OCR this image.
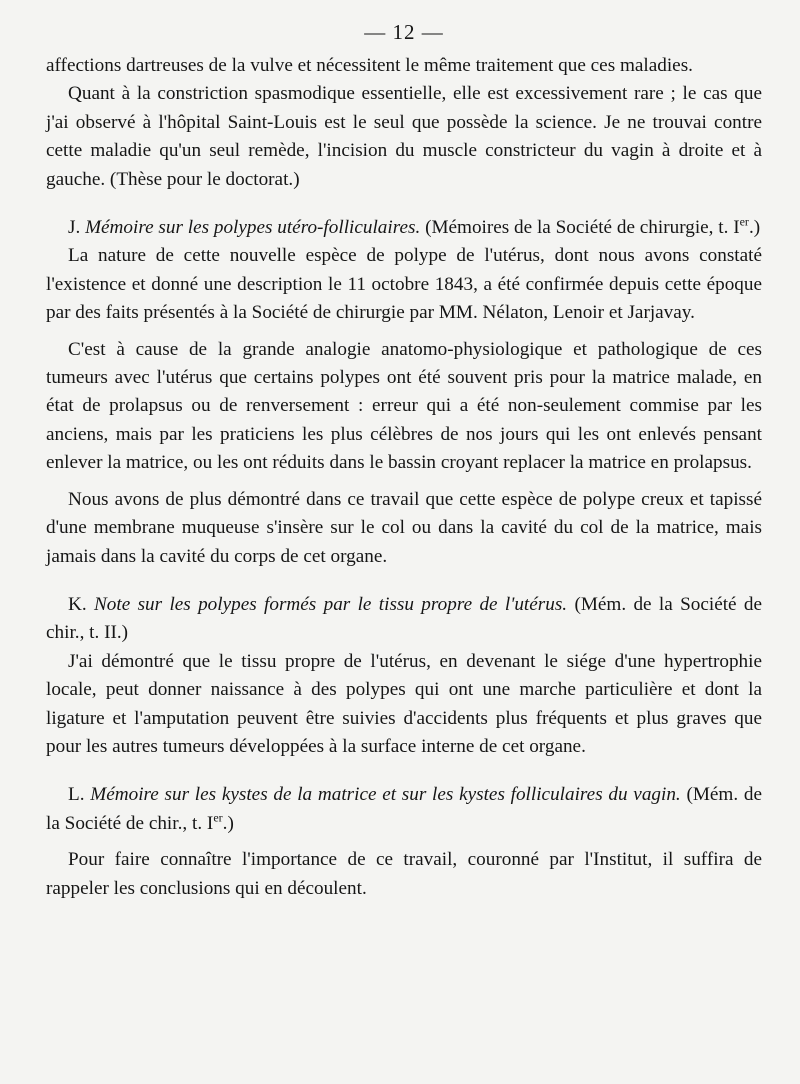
— 12 —

affections dartreuses de la vulve et nécessitent le même traitement que ces maladies.

Quant à la constriction spasmodique essentielle, elle est excessivement rare ; le cas que j'ai observé à l'hôpital Saint-Louis est le seul que possède la science. Je ne trouvai contre cette maladie qu'un seul remède, l'incision du muscle constricteur du vagin à droite et à gauche. (Thèse pour le doctorat.)

J. Mémoire sur les polypes utéro-folliculaires. (Mémoires de la Société de chirurgie, t. Ier.)

La nature de cette nouvelle espèce de polype de l'utérus, dont nous avons constaté l'existence et donné une description le 11 octobre 1843, a été confirmée depuis cette époque par des faits présentés à la Société de chirurgie par MM. Nélaton, Lenoir et Jarjavay.

C'est à cause de la grande analogie anatomo-physiologique et pathologique de ces tumeurs avec l'utérus que certains polypes ont été souvent pris pour la matrice malade, en état de prolapsus ou de renversement : erreur qui a été non-seulement commise par les anciens, mais par les praticiens les plus célèbres de nos jours qui les ont enlevés pensant enlever la matrice, ou les ont réduits dans le bassin croyant replacer la matrice en prolapsus.

Nous avons de plus démontré dans ce travail que cette espèce de polype creux et tapissé d'une membrane muqueuse s'insère sur le col ou dans la cavité du col de la matrice, mais jamais dans la cavité du corps de cet organe.

K. Note sur les polypes formés par le tissu propre de l'utérus. (Mém. de la Société de chir., t. II.)

J'ai démontré que le tissu propre de l'utérus, en devenant le siége d'une hypertrophie locale, peut donner naissance à des polypes qui ont une marche particulière et dont la ligature et l'amputation peuvent être suivies d'accidents plus fréquents et plus graves que pour les autres tumeurs développées à la surface interne de cet organe.

L. Mémoire sur les kystes de la matrice et sur les kystes folliculaires du vagin. (Mém. de la Société de chir., t. Ier.)

Pour faire connaître l'importance de ce travail, couronné par l'Institut, il suffira de rappeler les conclusions qui en découlent.
